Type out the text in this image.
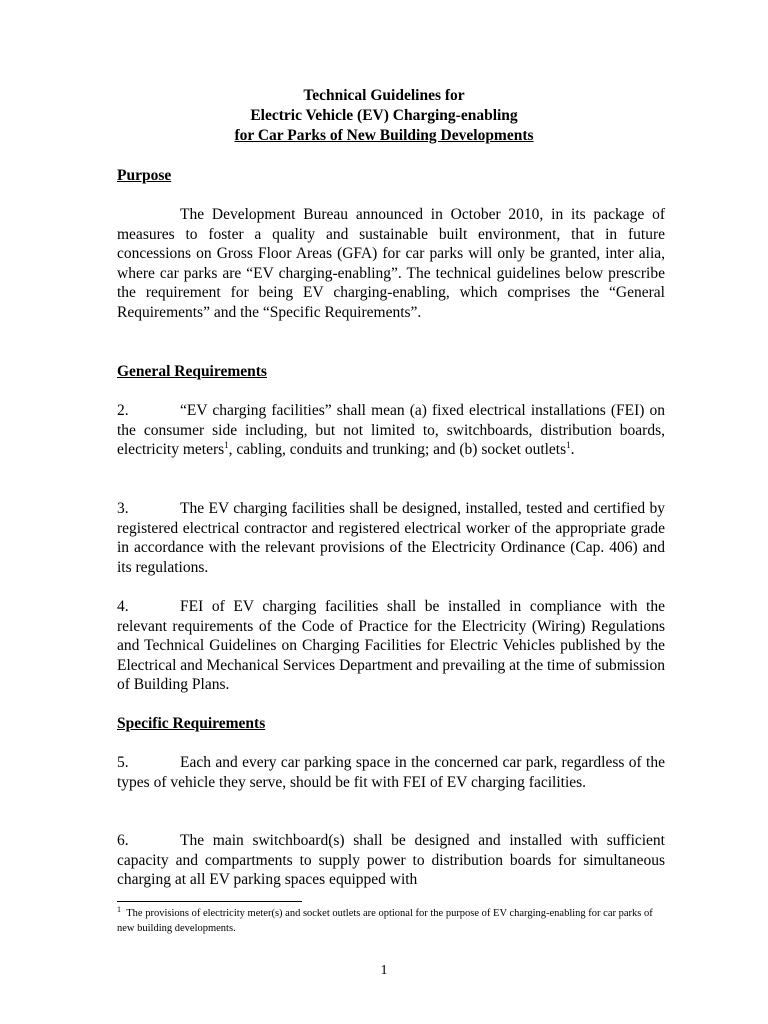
Technical Guidelines for
Electric Vehicle (EV) Charging-enabling
for Car Parks of New Building Developments
Purpose
The Development Bureau announced in October 2010, in its package of measures to foster a quality and sustainable built environment, that in future concessions on Gross Floor Areas (GFA) for car parks will only be granted, inter alia, where car parks are “EV charging-enabling”. The technical guidelines below prescribe the requirement for being EV charging-enabling, which comprises the “General Requirements” and the “Specific Requirements”.
General Requirements
2.	“EV charging facilities” shall mean (a) fixed electrical installations (FEI) on the consumer side including, but not limited to, switchboards, distribution boards, electricity meters$^1$, cabling, conduits and trunking; and (b) socket outlets$^1$.
3.	The EV charging facilities shall be designed, installed, tested and certified by registered electrical contractor and registered electrical worker of the appropriate grade in accordance with the relevant provisions of the Electricity Ordinance (Cap. 406) and its regulations.
4.	FEI of EV charging facilities shall be installed in compliance with the relevant requirements of the Code of Practice for the Electricity (Wiring) Regulations and Technical Guidelines on Charging Facilities for Electric Vehicles published by the Electrical and Mechanical Services Department and prevailing at the time of submission of Building Plans.
Specific Requirements
5.	Each and every car parking space in the concerned car park, regardless of the types of vehicle they serve, should be fit with FEI of EV charging facilities.
6.	The main switchboard(s) shall be designed and installed with sufficient capacity and compartments to supply power to distribution boards for simultaneous charging at all EV parking spaces equipped with
$^1$ The provisions of electricity meter(s) and socket outlets are optional for the purpose of EV charging-enabling for car parks of new building developments.
1
